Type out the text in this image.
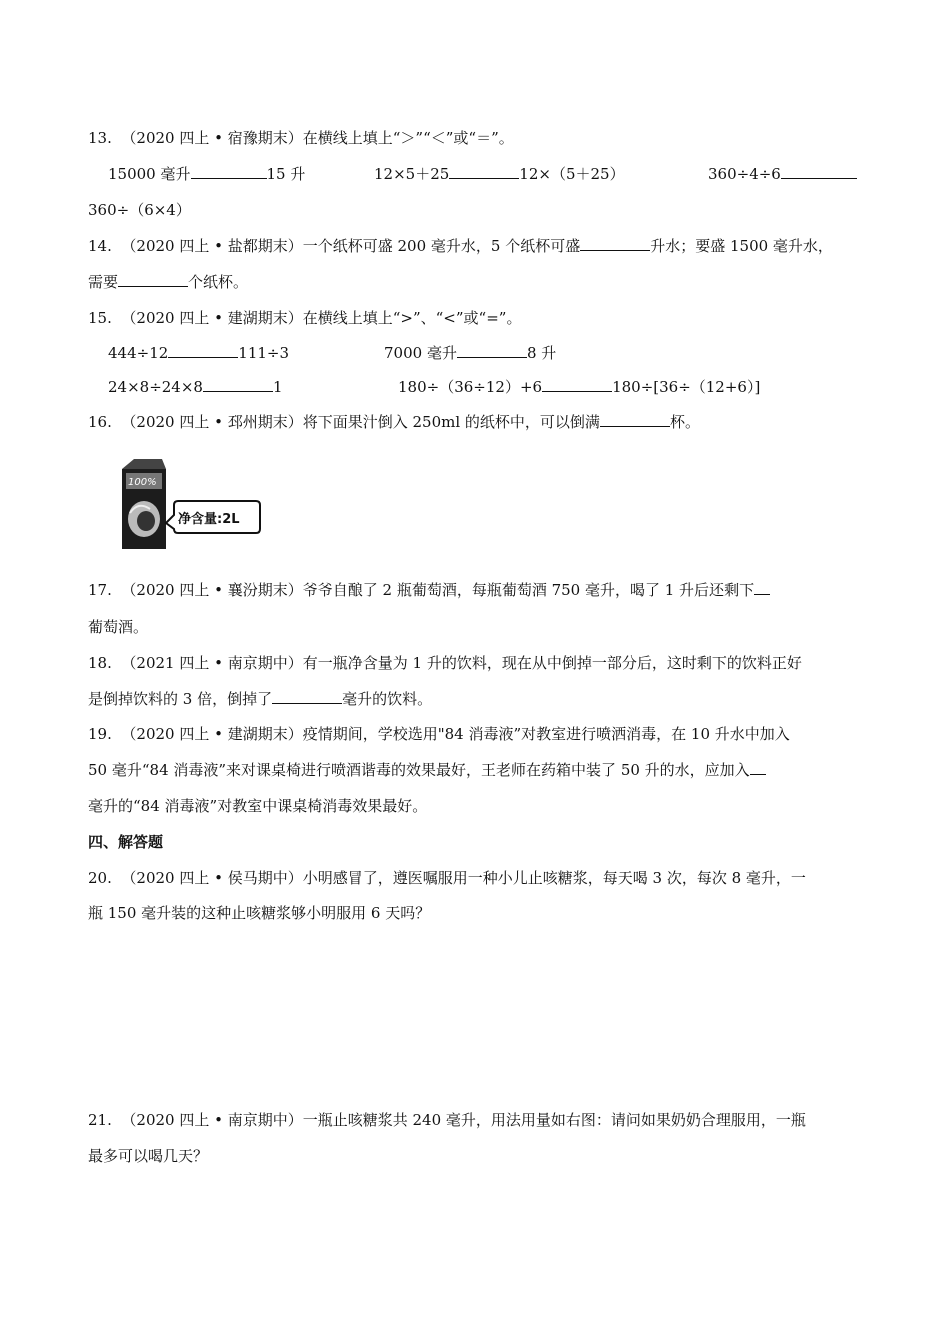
13. （2020 四上 • 宿豫期末）在横线上填上“＞”“＜”或“＝”。
15000 毫升	15 升	12×5＋25	12×（5＋25）	360÷4÷6
360÷（6×4）
14. （2020 四上 • 盐都期末）一个纸杯可盛 200 毫升水，5 个纸杯可盛	升水；要盛 1500 毫升水，
需要	个纸杯。
15. （2020 四上 • 建湖期末）在横线上填上“>”、“<”或“=”。
444÷12	111÷3	7000 毫升	8 升
24×8÷24×8	1	180÷（36÷12）+6	180÷[36÷（12+6）]
16. （2020 四上 • 邳州期末）将下面果汁倒入 250ml 的纸杯中，可以倒满	杯。
100%
净含量:2L
17. （2020 四上 • 襄汾期末）爷爷自酿了 2 瓶葡萄酒，每瓶葡萄酒 750 毫升，喝了 1 升后还剩下
葡萄酒。
18. （2021 四上 • 南京期中）有一瓶净含量为 1 升的饮料，现在从中倒掉一部分后，这时剩下的饮料正好
是倒掉饮料的 3 倍，倒掉了	毫升的饮料。
19. （2020 四上 • 建湖期末）疫情期间，学校选用"84 消毒液”对教室进行喷洒消毒，在 10 升水中加入
50 毫升“84 消毒液”来对课桌椅进行喷酒谐毒的效果最好，王老师在药箱中装了 50 升的水，应加入
毫升的“84 消毒液”对教室中课桌椅消毒效果最好。
四、解答题
20. （2020 四上 • 侯马期中）小明感冒了，遵医嘱服用一种小儿止咳糖浆，每天喝 3 次，每次 8 毫升，一
瓶 150 毫升装的这种止咳糖浆够小明服用 6 天吗？
21. （2020 四上 • 南京期中）一瓶止咳糖浆共 240 毫升，用法用量如右图：请问如果奶奶合理服用，一瓶
最多可以喝几天？
